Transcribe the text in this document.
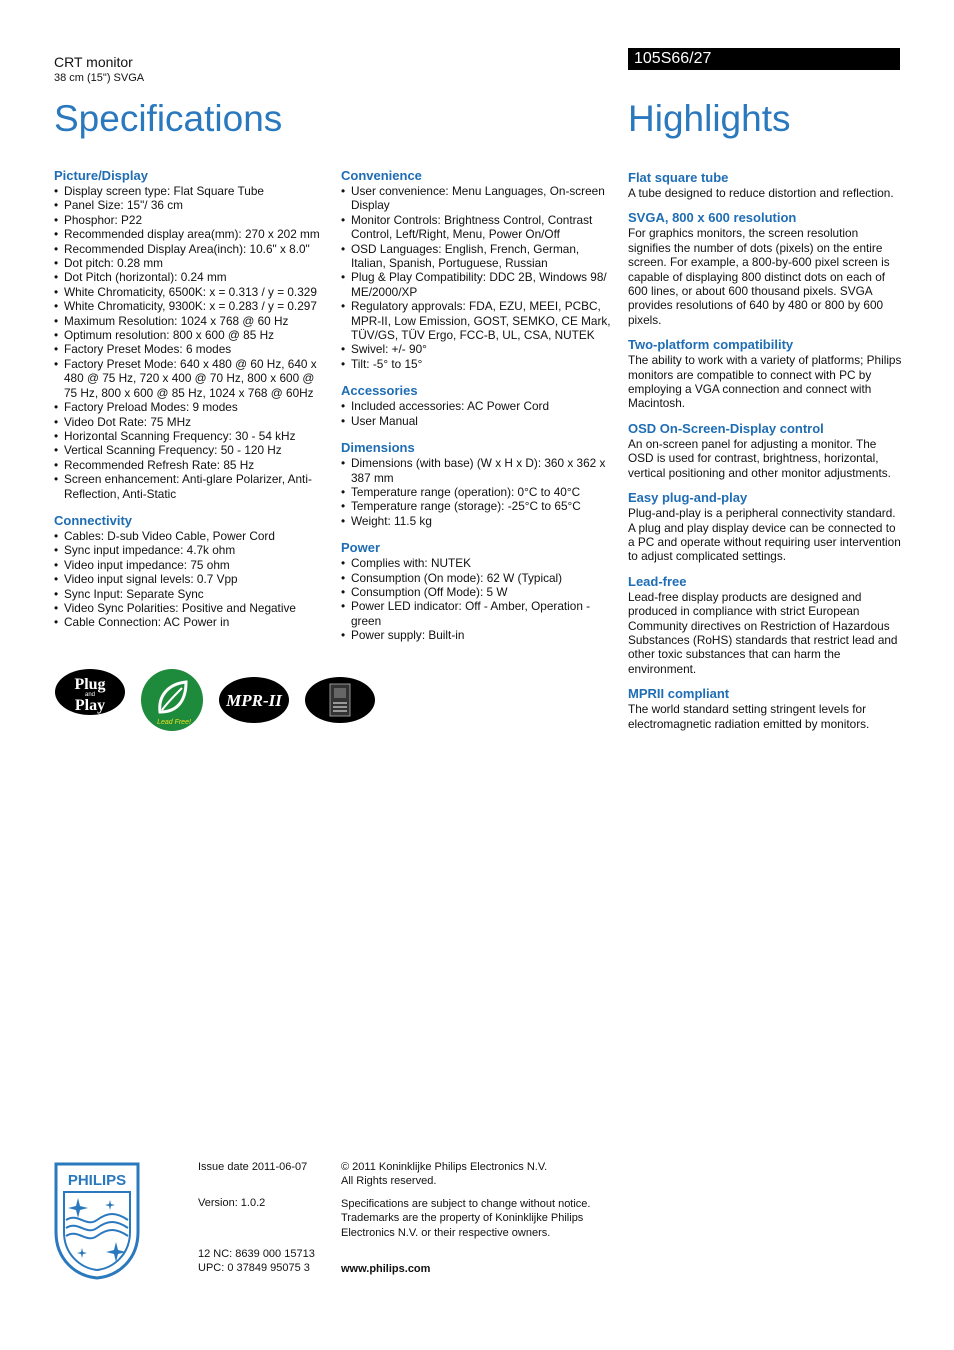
CRT monitor
38 cm (15") SVGA
Specifications
105S66/27
Highlights
Picture/Display
• Display screen type: Flat Square Tube
• Panel Size: 15"/ 36 cm
• Phosphor: P22
• Recommended display area(mm): 270 x 202 mm
• Recommended Display Area(inch): 10.6" x 8.0"
• Dot pitch: 0.28 mm
• Dot Pitch (horizontal): 0.24 mm
• White Chromaticity, 6500K: x = 0.313 / y = 0.329
• White Chromaticity, 9300K: x = 0.283 / y = 0.297
• Maximum Resolution: 1024 x 768 @ 60 Hz
• Optimum resolution: 800 x 600 @ 85 Hz
• Factory Preset Modes: 6 modes
• Factory Preset Mode: 640 x 480 @ 60 Hz, 640 x 480 @ 75 Hz, 720 x 400 @ 70 Hz, 800 x 600 @ 75 Hz, 800 x 600 @ 85 Hz, 1024 x 768 @ 60Hz
• Factory Preload Modes: 9 modes
• Video Dot Rate: 75 MHz
• Horizontal Scanning Frequency: 30 - 54 kHz
• Vertical Scanning Frequency: 50 - 120 Hz
• Recommended Refresh Rate: 85 Hz
• Screen enhancement: Anti-glare Polarizer, Anti-Reflection, Anti-Static
Connectivity
• Cables: D-sub Video Cable, Power Cord
• Sync input impedance: 4.7k ohm
• Video input impedance: 75 ohm
• Video input signal levels: 0.7 Vpp
• Sync Input: Separate Sync
• Video Sync Polarities: Positive and Negative
• Cable Connection: AC Power in
Convenience
• User convenience: Menu Languages, On-screen Display
• Monitor Controls: Brightness Control, Contrast Control, Left/Right, Menu, Power On/Off
• OSD Languages: English, French, German, Italian, Spanish, Portuguese, Russian
• Plug & Play Compatibility: DDC 2B, Windows 98/ ME/2000/XP
• Regulatory approvals: FDA, EZU, MEEI, PCBC, MPR-II, Low Emission, GOST, SEMKO, CE Mark, TÜV/GS, TÜV Ergo, FCC-B, UL, CSA, NUTEK
• Swivel: +/- 90°
• Tilt: -5° to 15°
Accessories
• Included accessories: AC Power Cord
• User Manual
Dimensions
• Dimensions (with base) (W x H x D): 360 x 362 x 387 mm
• Temperature range (operation): 0°C to 40°C
• Temperature range (storage): -25°C to 65°C
• Weight: 11.5 kg
Power
• Complies with: NUTEK
• Consumption (On mode): 62 W (Typical)
• Consumption (Off Mode): 5 W
• Power LED indicator: Off - Amber, Operation - green
• Power supply: Built-in
Flat square tube
A tube designed to reduce distortion and reflection.
SVGA, 800 x 600 resolution
For graphics monitors, the screen resolution signifies the number of dots (pixels) on the entire screen. For example, a 800-by-600 pixel screen is capable of displaying 800 distinct dots on each of 600 lines, or about 600 thousand pixels. SVGA provides resolutions of 640 by 480 or 800 by 600 pixels.
Two-platform compatibility
The ability to work with a variety of platforms; Philips monitors are compatible to connect with PC by employing a VGA connection and connect with Macintosh.
OSD On-Screen-Display control
An on-screen panel for adjusting a monitor. The OSD is used for contrast, brightness, horizontal, vertical positioning and other monitor adjustments.
Easy plug-and-play
Plug-and-play is a peripheral connectivity standard. A plug and play display device can be connected to a PC and operate without requiring user intervention to adjust complicated settings.
Lead-free
Lead-free display products are designed and produced in compliance with strict European Community directives on Restriction of Hazardous Substances (RoHS) standards that restrict lead and other toxic substances that can harm the environment.
MPRII compliant
The world standard setting stringent levels for electromagnetic radiation emitted by monitors.
Plug
and
Play
Lead Free!
MPR-II
PHILIPS
Issue date 2011-06-07
Version: 1.0.2
12 NC: 8639 000 15713
UPC: 0 37849 95075 3
© 2011 Koninklijke Philips Electronics N.V.
All Rights reserved.
Specifications are subject to change without notice. Trademarks are the property of Koninklijke Philips Electronics N.V. or their respective owners.
www.philips.com
